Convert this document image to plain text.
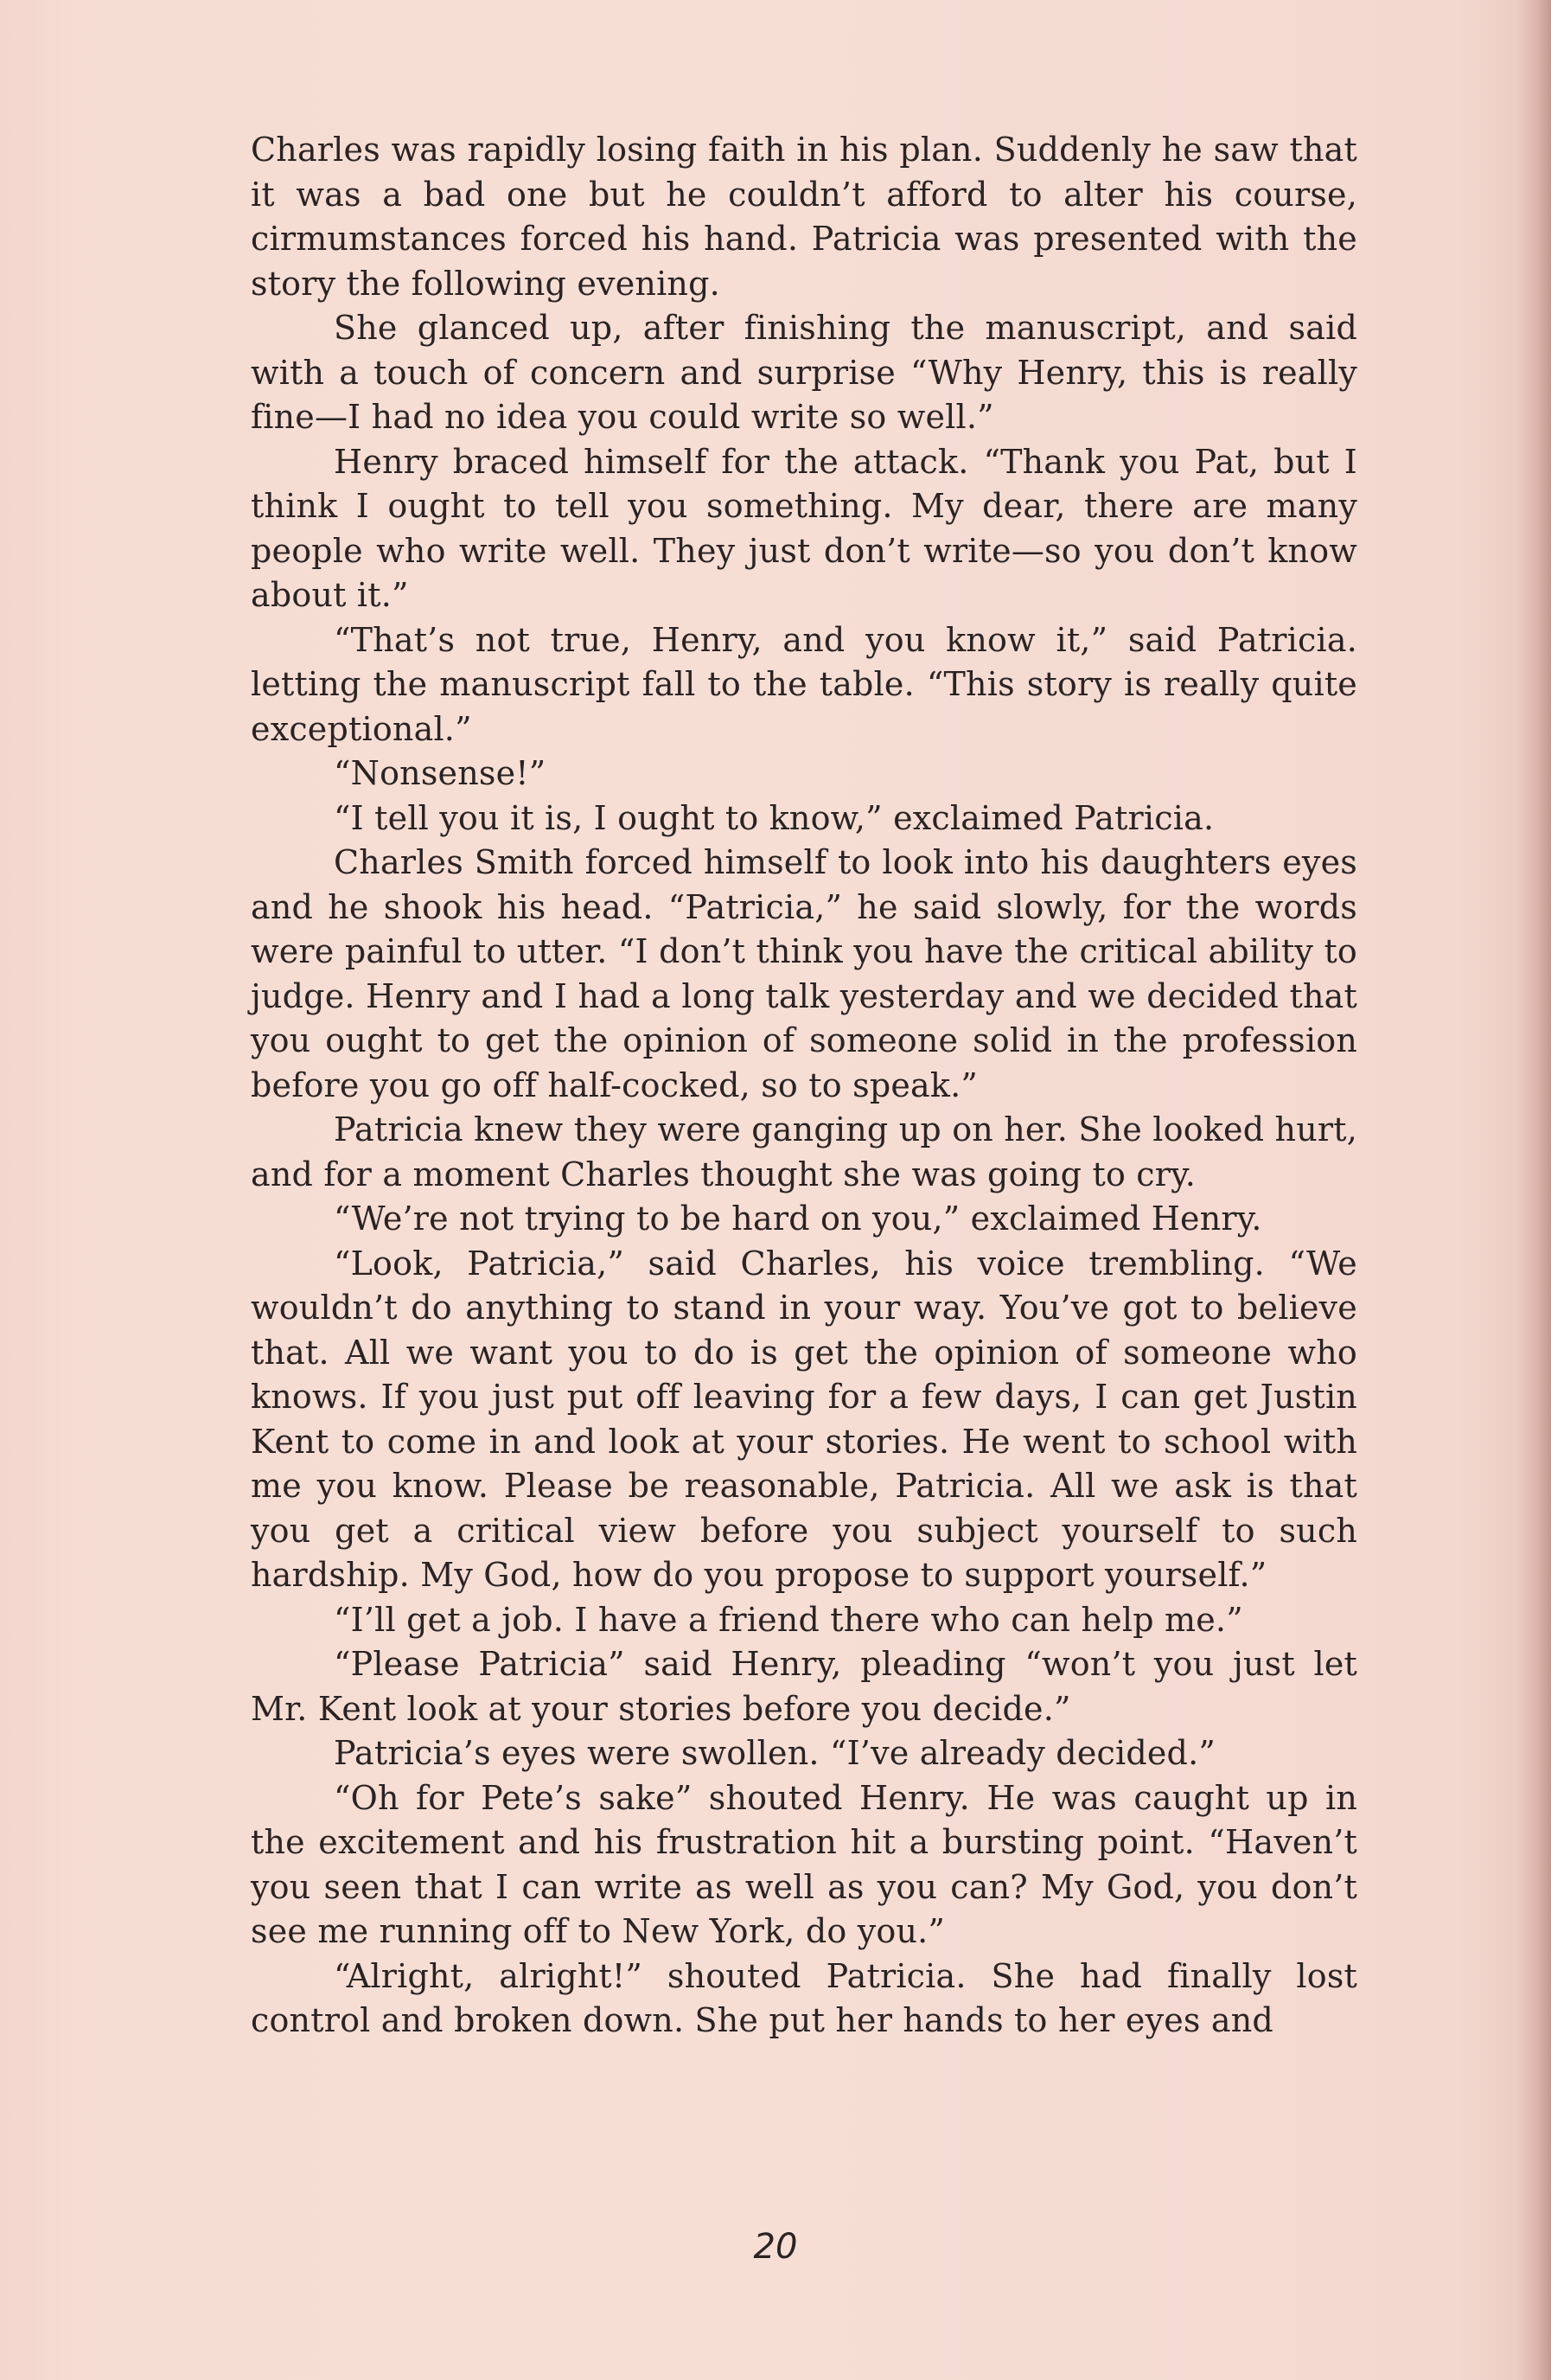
Charles was rapidly losing faith in his plan. Suddenly he saw that it was a bad one but he couldn’t afford to alter his course, cirmumstances forced his hand. Patricia was presented with the story the following evening.

She glanced up, after finishing the manuscript, and said with a touch of concern and surprise “Why Henry, this is really fine—I had no idea you could write so well.”

Henry braced himself for the attack. “Thank you Pat, but I think I ought to tell you something. My dear, there are many people who write well. They just don’t write—so you don’t know about it.”

“That’s not true, Henry, and you know it,” said Patricia. letting the manuscript fall to the table. “This story is really quite exceptional.”

“Nonsense!”

“I tell you it is, I ought to know,” exclaimed Patricia.

Charles Smith forced himself to look into his daughters eyes and he shook his head. “Patricia,” he said slowly, for the words were painful to utter. “I don’t think you have the critical ability to judge. Henry and I had a long talk yesterday and we decided that you ought to get the opinion of someone solid in the profession before you go off half-cocked, so to speak.”

Patricia knew they were ganging up on her. She looked hurt, and for a moment Charles thought she was going to cry.

“We’re not trying to be hard on you,” exclaimed Henry.

“Look, Patricia,” said Charles, his voice trembling. “We wouldn’t do anything to stand in your way. You’ve got to believe that. All we want you to do is get the opinion of someone who knows. If you just put off leaving for a few days, I can get Justin Kent to come in and look at your stories. He went to school with me you know. Please be reasonable, Patricia. All we ask is that you get a critical view before you subject yourself to such hardship. My God, how do you propose to support yourself.”

“I’ll get a job. I have a friend there who can help me.”

“Please Patricia” said Henry, pleading “won’t you just let Mr. Kent look at your stories before you decide.”

Patricia’s eyes were swollen. “I’ve already decided.”

“Oh for Pete’s sake” shouted Henry. He was caught up in the excitement and his frustration hit a bursting point. “Haven’t you seen that I can write as well as you can? My God, you don’t see me running off to New York, do you.”

“Alright, alright!” shouted Patricia. She had finally lost control and broken down. She put her hands to her eyes and

20
